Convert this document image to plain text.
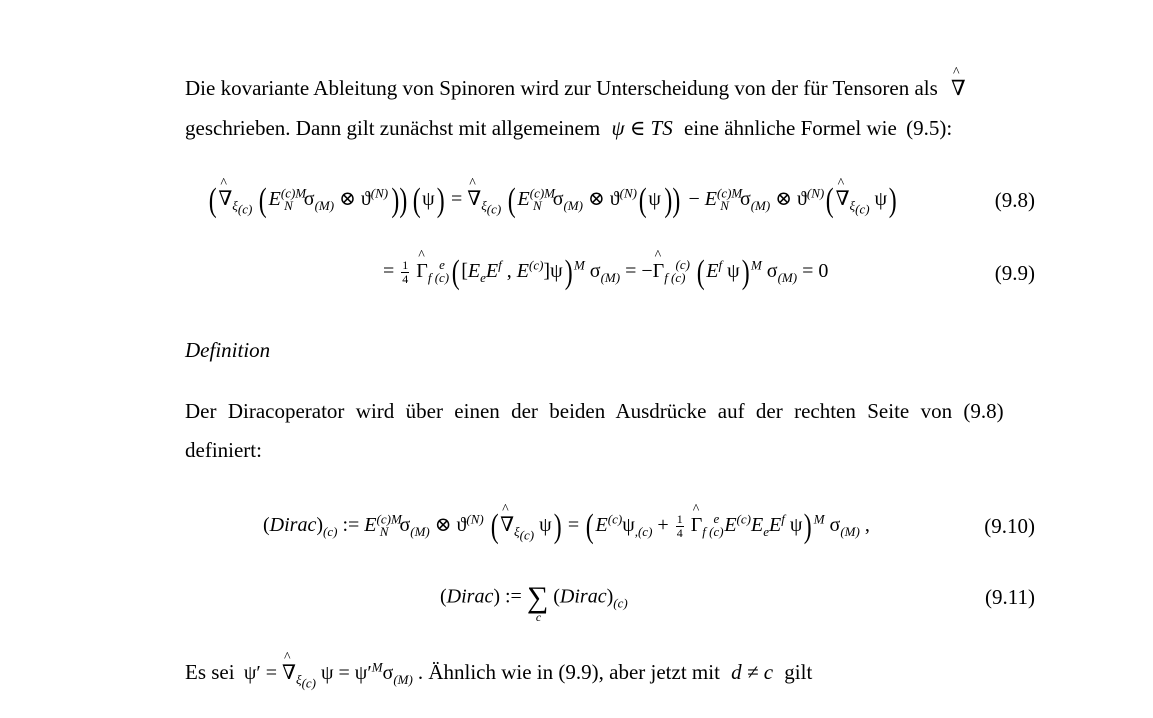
Die kovariante Ableitung von Spinoren wird zur Unterscheidung von der für Tensoren als ^ ∇
geschrieben. Dann gilt zunächst mit allgemeinem ψ ∈ TS eine ähnliche Formel wie (9.5):
(^ $\nabla_{\xi_{(c)}}$ ($E^{(c)M}_N$ $\sigma_{(M)}$ ⊗ $ϑ^{(N)}$)) (ψ) = ^ $\nabla_{\xi_{(c)}}$ ($E^{(c)M}_N$ $\sigma_{(M)}$ ⊗ $ϑ^{(N)}(\psi)) - E^{(c)M}_N$ $\sigma_{(M)}$ ⊗ $ϑ^{(N)}(\^{}$ $\nabla_{\xi_{(c)}}$ ψ)	(9.8)
= $\frac{1}{4}$ ^ $\Gamma_{f (c)}^e$ ([$E_eE^f$ , $E^{(c)}]\psi$) $^M$ $\sigma_{(M)}$ = −^ $\Gamma_{f (c)}^{(c)}$ ($E^f$ ψ) $^M$ $\sigma_{(M)} = 0$	(9.9)
Definition
Der Diracoperator wird über einen der beiden Ausdrücke auf der rechten Seite von (9.8)
definiert:
$(Dirac)_{(c)}$ := $E^{(c)M}_N$ $\sigma_{(M)}$ ⊗ $ϑ^{(N)}$ (^ $\nabla_{\xi_{(c)}}$ $\psi) = (E^{(c)}\psi_{,(c)} + \frac{1}{4}$ ^ $\Gamma_{f (c)}^e$ $E^{(c)}E_eE^f$ ψ) $^M$ $\sigma_{(M)}$ ,	(9.10)
(Dirac) := ∑
c
$(Dirac)_{(c)}$	(9.11)
Es sei ψ′ = ^ $\nabla_{\xi_{(c)}}$ $\psi = \psi'^M\sigma_{(M)}$ . Ähnlich wie in (9.9), aber jetzt mit d ≠ c gilt
